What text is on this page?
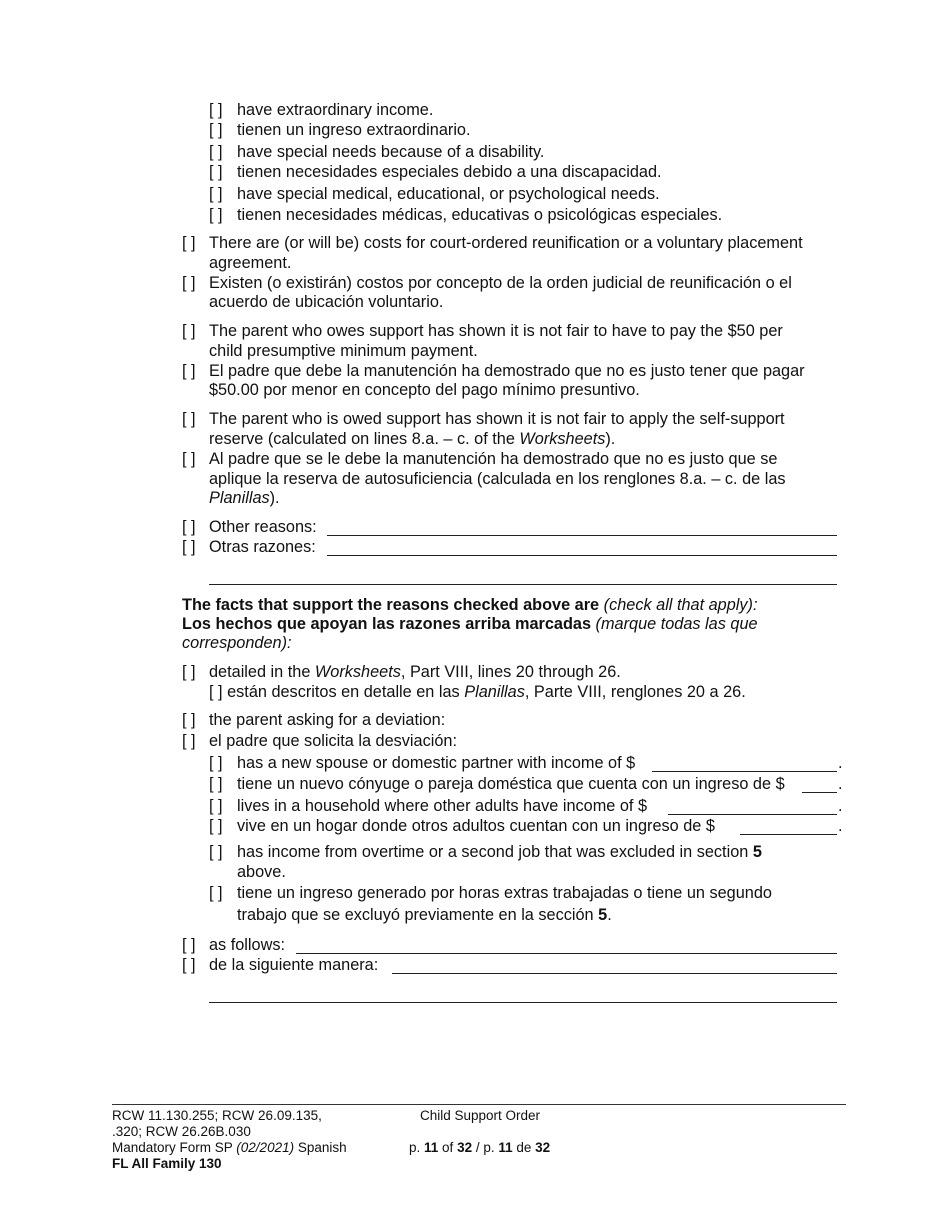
[ ] have extraordinary income.
[ ] tienen un ingreso extraordinario.
[ ] have special needs because of a disability.
[ ] tienen necesidades especiales debido a una discapacidad.
[ ] have special medical, educational, or psychological needs.
[ ] tienen necesidades médicas, educativas o psicológicas especiales.
[ ] There are (or will be) costs for court-ordered reunification or a voluntary placement
agreement.
[ ] Existen (o existirán) costos por concepto de la orden judicial de reunificación o el
acuerdo de ubicación voluntario.
[ ] The parent who owes support has shown it is not fair to have to pay the $50 per
child presumptive minimum payment.
[ ] El padre que debe la manutención ha demostrado que no es justo tener que pagar
$50.00 por menor en concepto del pago mínimo presuntivo.
[ ] The parent who is owed support has shown it is not fair to apply the self-support
reserve (calculated on lines 8.a. – c. of the Worksheets).
[ ] Al padre que se le debe la manutención ha demostrado que no es justo que se
aplique la reserva de autosuficiencia (calculada en los renglones 8.a. – c. de las
Planillas).
[ ] Other reasons:
[ ] Otras razones:
The facts that support the reasons checked above are (check all that apply):
Los hechos que apoyan las razones arriba marcadas (marque todas las que
corresponden):
[ ] detailed in the Worksheets, Part VIII, lines 20 through 26.
[ ] están descritos en detalle en las Planillas, Parte VIII, renglones 20 a 26.
[ ] the parent asking for a deviation:
[ ] el padre que solicita la desviación:
[ ] has a new spouse or domestic partner with income of $	.
[ ] tiene un nuevo cónyuge o pareja doméstica que cuenta con un ingreso de $	.
[ ] lives in a household where other adults have income of $	.
[ ] vive en un hogar donde otros adultos cuentan con un ingreso de $	.
[ ] has income from overtime or a second job that was excluded in section 5
above.
[ ] tiene un ingreso generado por horas extras trabajadas o tiene un segundo
trabajo que se excluyó previamente en la sección 5.
[ ] as follows:
[ ] de la siguiente manera:
RCW 11.130.255; RCW 26.09.135,
.320; RCW 26.26B.030
Mandatory Form SP (02/2021) Spanish
FL All Family 130
Child Support Order
p. 11 of 32 / p. 11 de 32
